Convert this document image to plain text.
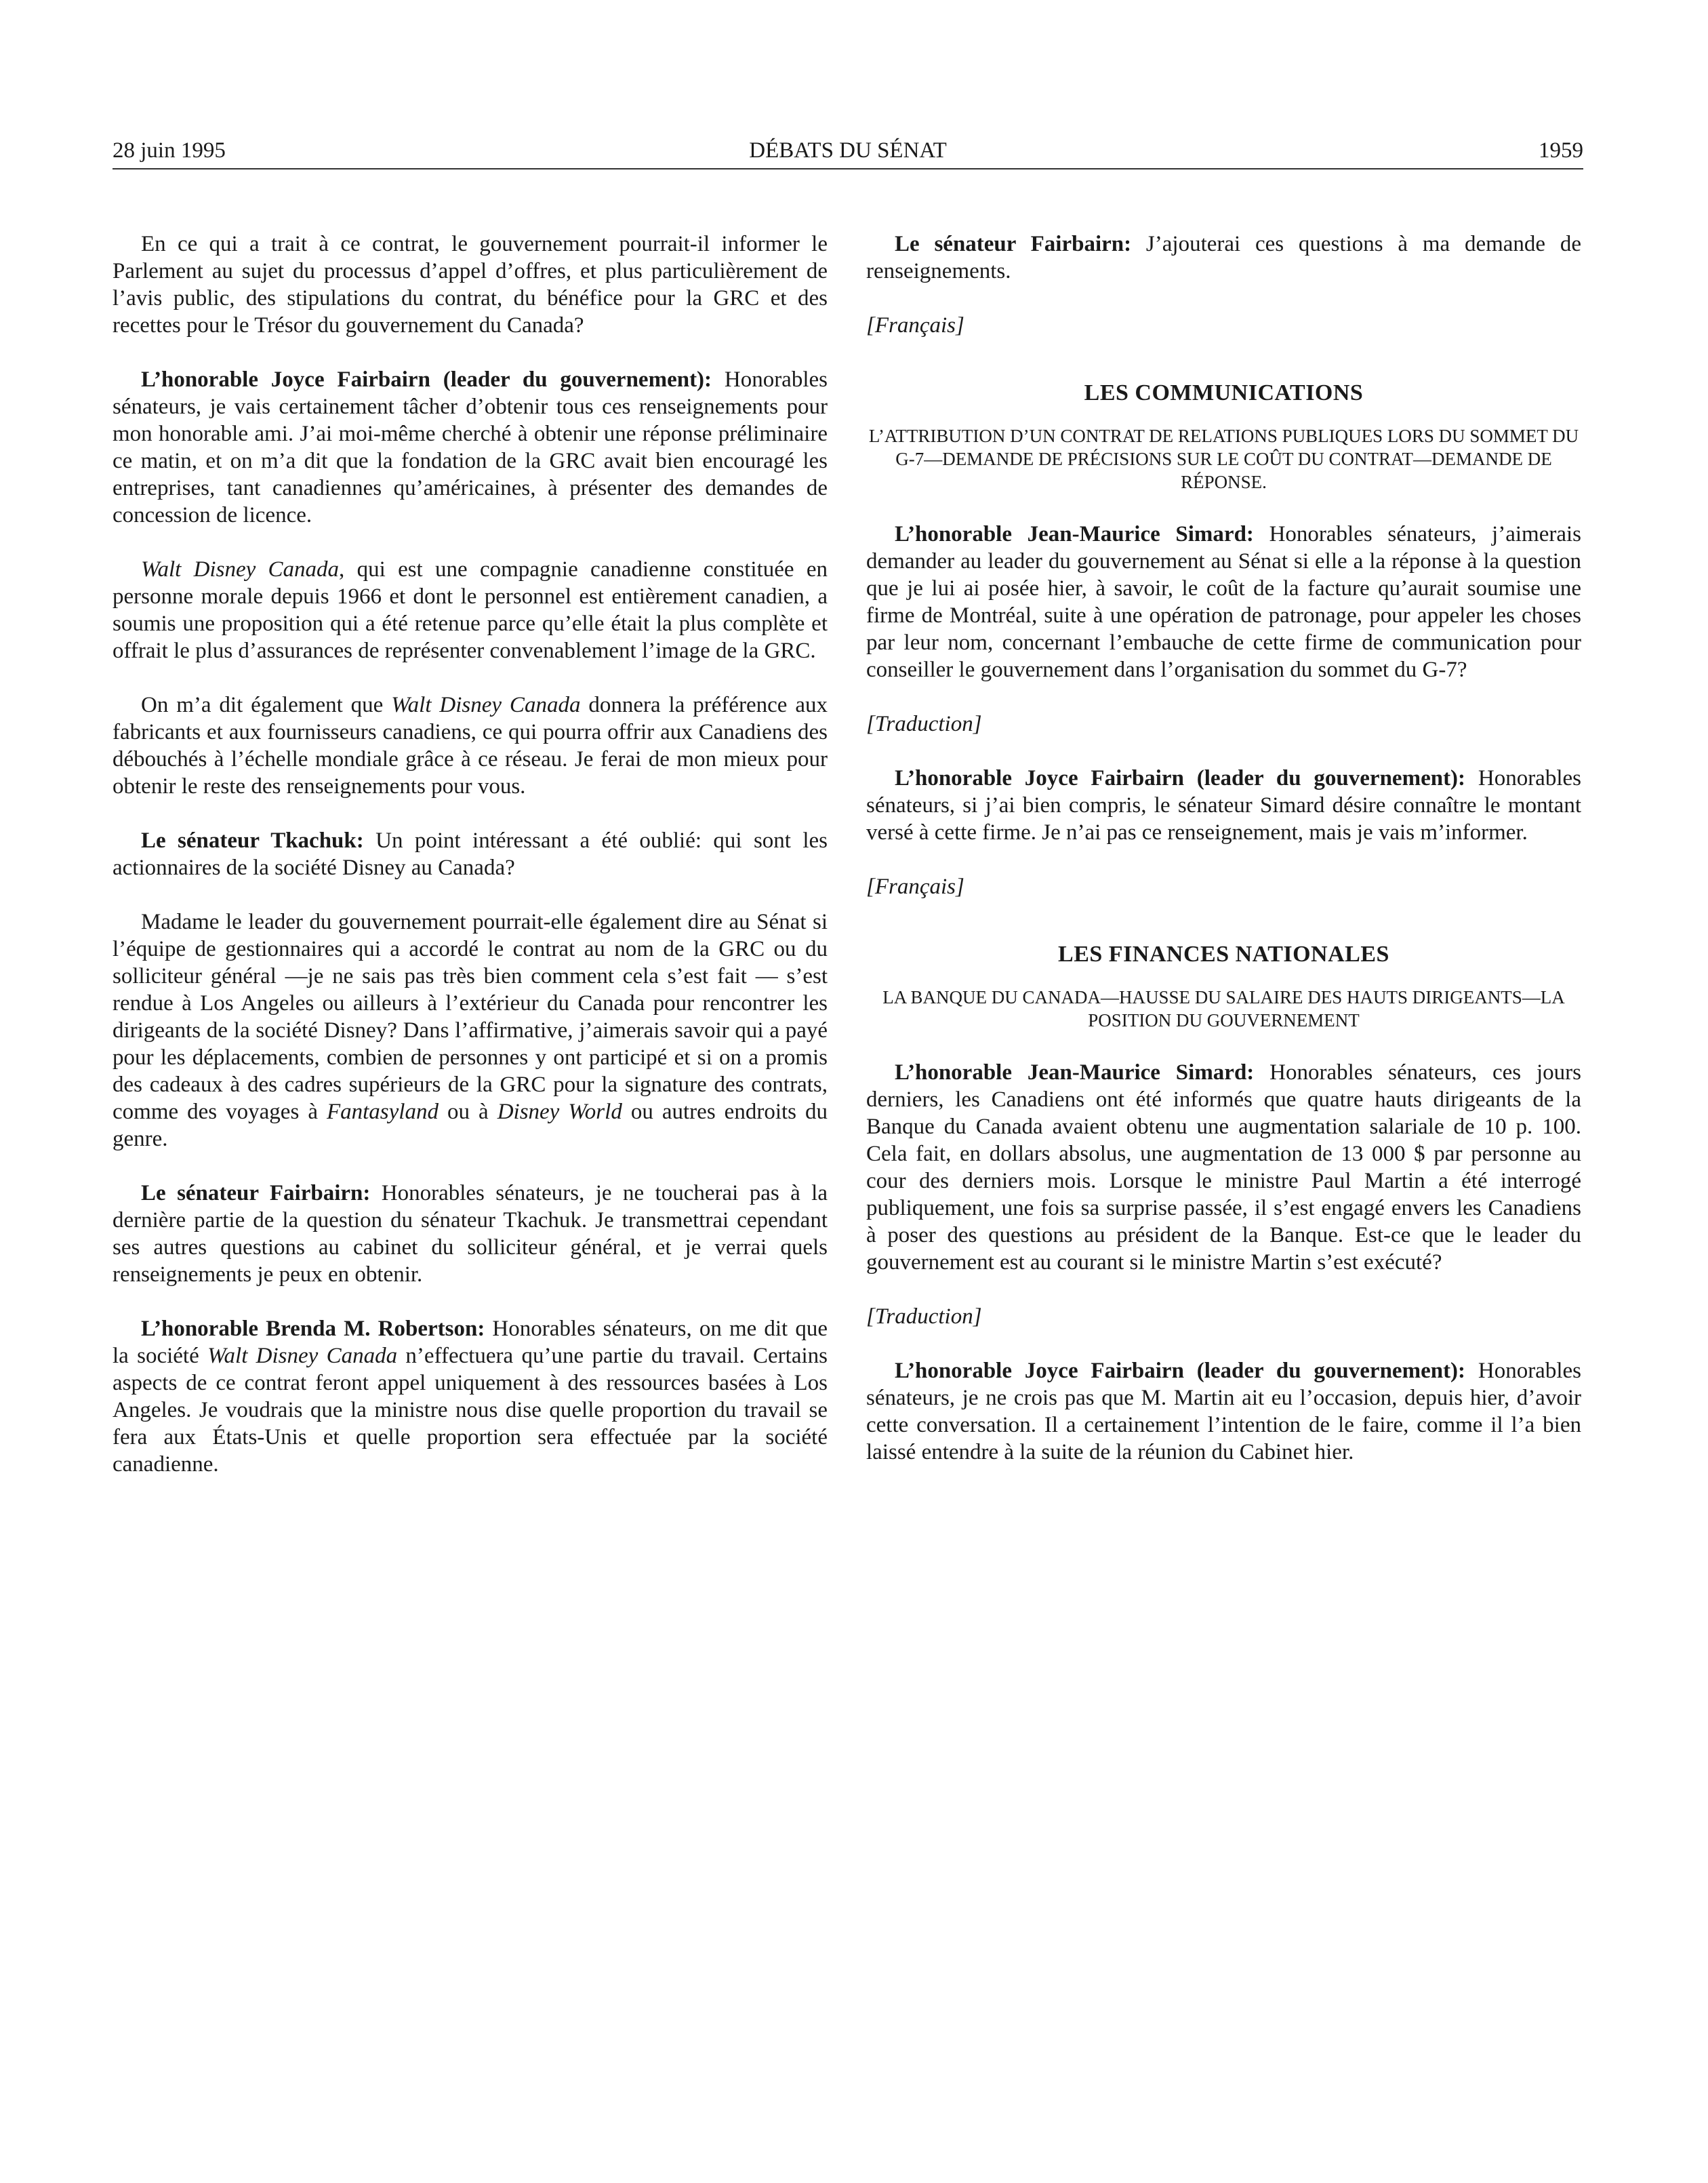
28 juin 1995	DÉBATS DU SÉNAT	1959

En ce qui a trait à ce contrat, le gouvernement pourrait-il informer le Parlement au sujet du processus d’appel d’offres, et plus particulièrement de l’avis public, des stipulations du contrat, du bénéfice pour la GRC et des recettes pour le Trésor du gouvernement du Canada?

L’honorable Joyce Fairbairn (leader du gouvernement): Honorables sénateurs, je vais certainement tâcher d’obtenir tous ces renseignements pour mon honorable ami. J’ai moi-même cherché à obtenir une réponse préliminaire ce matin, et on m’a dit que la fondation de la GRC avait bien encouragé les entreprises, tant canadiennes qu’américaines, à présenter des demandes de concession de licence.

Walt Disney Canada, qui est une compagnie canadienne constituée en personne morale depuis 1966 et dont le personnel est entièrement canadien, a soumis une proposition qui a été retenue parce qu’elle était la plus complète et offrait le plus d’assurances de représenter convenablement l’image de la GRC.

On m’a dit également que Walt Disney Canada donnera la préférence aux fabricants et aux fournisseurs canadiens, ce qui pourra offrir aux Canadiens des débouchés à l’échelle mondiale grâce à ce réseau. Je ferai de mon mieux pour obtenir le reste des renseignements pour vous.

Le sénateur Tkachuk: Un point intéressant a été oublié: qui sont les actionnaires de la société Disney au Canada?

Madame le leader du gouvernement pourrait-elle également dire au Sénat si l’équipe de gestionnaires qui a accordé le contrat au nom de la GRC ou du solliciteur général —je ne sais pas très bien comment cela s’est fait — s’est rendue à Los Angeles ou ailleurs à l’extérieur du Canada pour rencontrer les dirigeants de la société Disney? Dans l’affirmative, j’aimerais savoir qui a payé pour les déplacements, combien de personnes y ont participé et si on a promis des cadeaux à des cadres supérieurs de la GRC pour la signature des contrats, comme des voyages à Fantasyland ou à Disney World ou autres endroits du genre.

Le sénateur Fairbairn: Honorables sénateurs, je ne toucherai pas à la dernière partie de la question du sénateur Tkachuk. Je transmettrai cependant ses autres questions au cabinet du solliciteur général, et je verrai quels renseignements je peux en obtenir.

L’honorable Brenda M. Robertson: Honorables sénateurs, on me dit que la société Walt Disney Canada n’effectuera qu’une partie du travail. Certains aspects de ce contrat feront appel uniquement à des ressources basées à Los Angeles. Je voudrais que la ministre nous dise quelle proportion du travail se fera aux États-Unis et quelle proportion sera effectuée par la société canadienne.

Le sénateur Fairbairn: J’ajouterai ces questions à ma demande de renseignements.

[Français]

LES COMMUNICATIONS
L’ATTRIBUTION D’UN CONTRAT DE RELATIONS PUBLIQUES LORS DU SOMMET DU G-7—DEMANDE DE PRÉCISIONS SUR LE COÛT DU CONTRAT—DEMANDE DE RÉPONSE.

L’honorable Jean-Maurice Simard: Honorables sénateurs, j’aimerais demander au leader du gouvernement au Sénat si elle a la réponse à la question que je lui ai posée hier, à savoir, le coût de la facture qu’aurait soumise une firme de Montréal, suite à une opération de patronage, pour appeler les choses par leur nom, concernant l’embauche de cette firme de communication pour conseiller le gouvernement dans l’organisation du sommet du G-7?

[Traduction]

L’honorable Joyce Fairbairn (leader du gouvernement): Honorables sénateurs, si j’ai bien compris, le sénateur Simard désire connaître le montant versé à cette firme. Je n’ai pas ce renseignement, mais je vais m’informer.

[Français]

LES FINANCES NATIONALES
LA BANQUE DU CANADA—HAUSSE DU SALAIRE DES HAUTS DIRIGEANTS—LA POSITION DU GOUVERNEMENT

L’honorable Jean-Maurice Simard: Honorables sénateurs, ces jours derniers, les Canadiens ont été informés que quatre hauts dirigeants de la Banque du Canada avaient obtenu une augmentation salariale de 10 p. 100. Cela fait, en dollars absolus, une augmentation de 13 000 $ par personne au cour des derniers mois. Lorsque le ministre Paul Martin a été interrogé publiquement, une fois sa surprise passée, il s’est engagé envers les Canadiens à poser des questions au président de la Banque. Est-ce que le leader du gouvernement est au courant si le ministre Martin s’est exécuté?

[Traduction]

L’honorable Joyce Fairbairn (leader du gouvernement): Honorables sénateurs, je ne crois pas que M. Martin ait eu l’occasion, depuis hier, d’avoir cette conversation. Il a certainement l’intention de le faire, comme il l’a bien laissé entendre à la suite de la réunion du Cabinet hier.
